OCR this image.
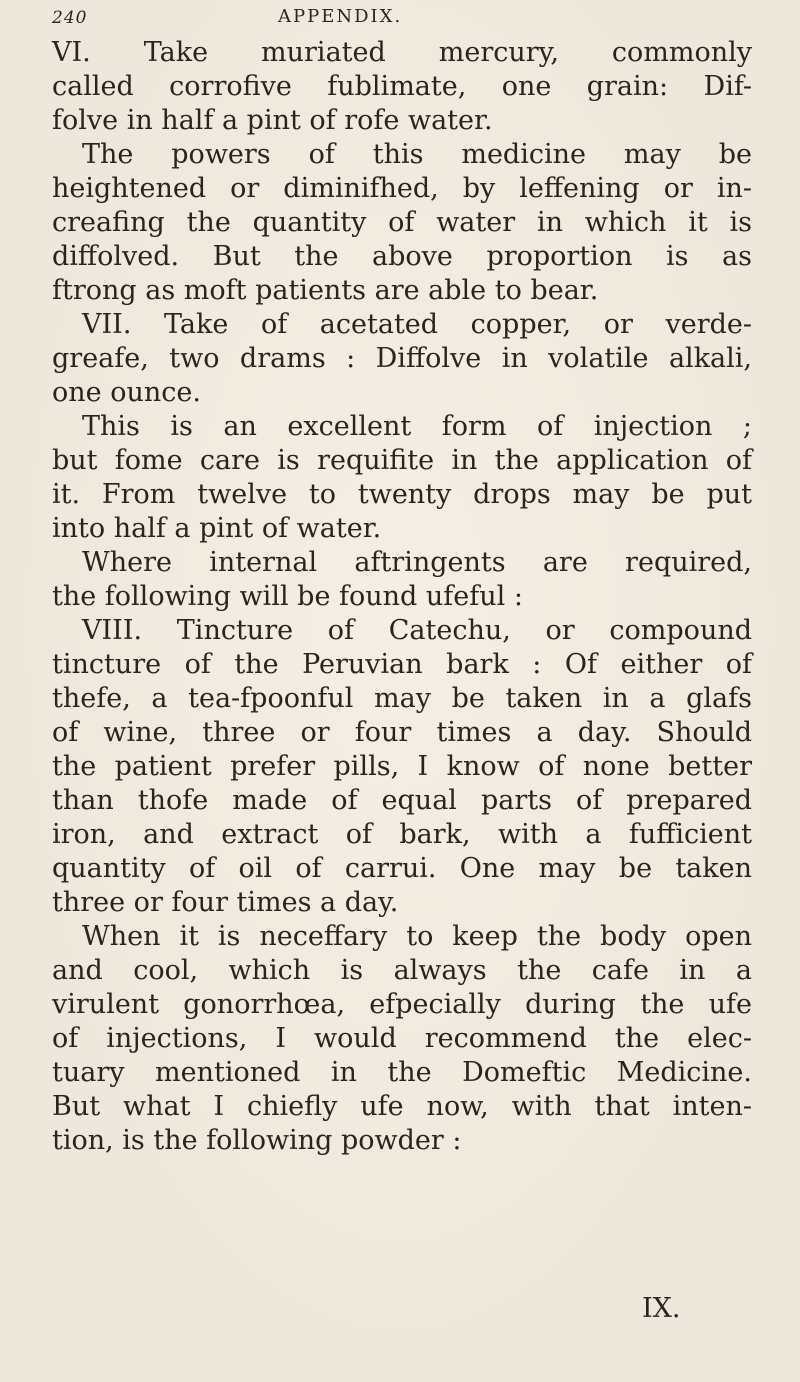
240	APPENDIX.
VI. Take muriated mercury, commonly
called corrofive fublimate, one grain: Dif-
folve in half a pint of rofe water.
The powers of this medicine may be
heightened or diminifhed, by leffening or in-
creafing the quantity of water in which it is
diffolved. But the above proportion is as
ftrong as moft patients are able to bear.
VII. Take of acetated copper, or verde-
greafe, two drams : Diffolve in volatile alkali,
one ounce.
This is an excellent form of injection ;
but fome care is requifite in the application of
it. From twelve to twenty drops may be put
into half a pint of water.
Where internal aftringents are required,
the following will be found ufeful :
VIII. Tincture of Catechu, or compound
tincture of the Peruvian bark : Of either of
thefe, a tea-fpoonful may be taken in a glafs
of wine, three or four times a day. Should
the patient prefer pills, I know of none better
than thofe made of equal parts of prepared
iron, and extract of bark, with a fufficient
quantity of oil of carrui. One may be taken
three or four times a day.
When it is neceffary to keep the body open
and cool, which is always the cafe in a
virulent gonorrhœa, efpecially during the ufe
of injections, I would recommend the elec-
tuary mentioned in the Domeftic Medicine.
But what I chiefly ufe now, with that inten-
tion, is the following powder :
IX.
